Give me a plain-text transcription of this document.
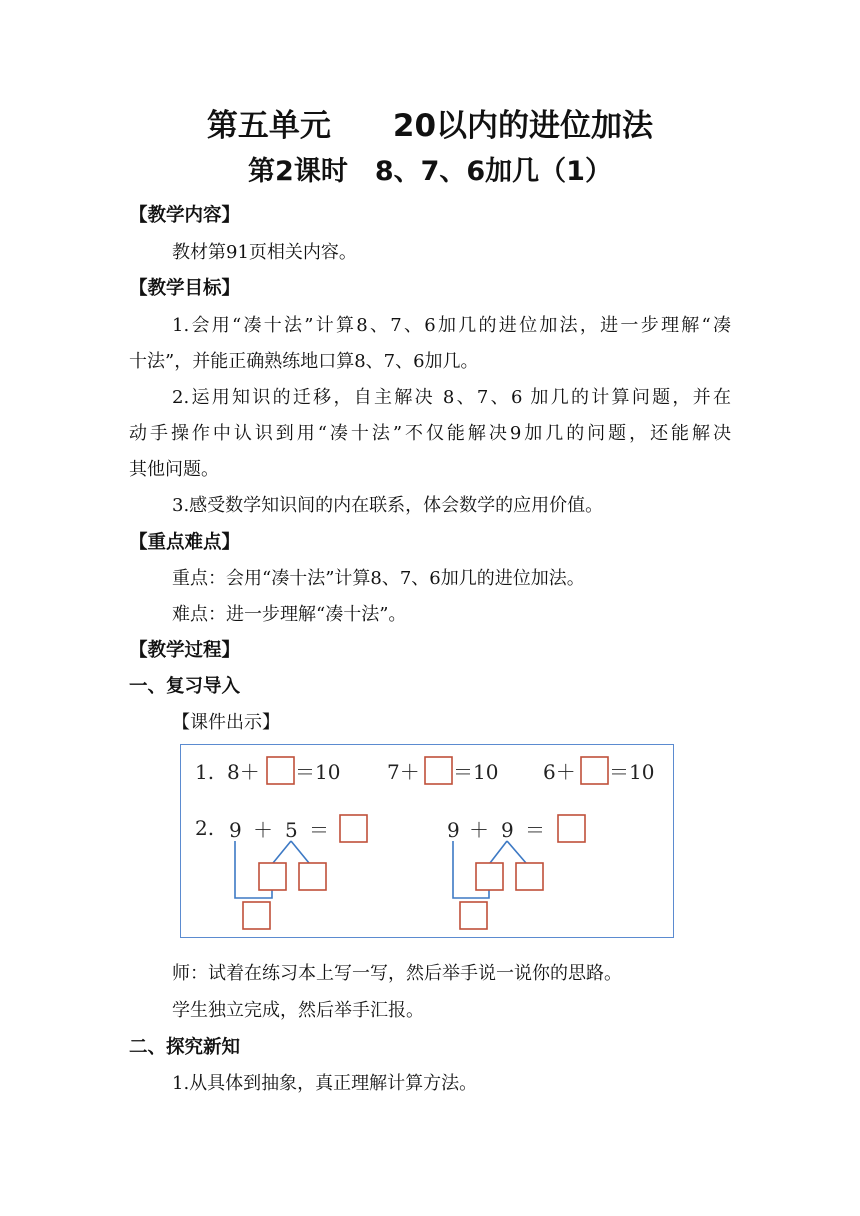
第五单元　　20以内的进位加法
第2课时　8、7、6加几（1）
【教学内容】
教材第91页相关内容。
【教学目标】
1.会用“凑十法”计算8、7、6加几的进位加法，进一步理解“凑
十法”，并能正确熟练地口算8、7、6加几。
2.运用知识的迁移，自主解决 8、7、6 加几的计算问题，并在
动手操作中认识到用“凑十法”不仅能解决9加几的问题，还能解决
其他问题。
3.感受数学知识间的内在联系，体会数学的应用价值。
【重点难点】
重点：会用“凑十法”计算8、7、6加几的进位加法。
难点：进一步理解“凑十法”。
【教学过程】
一、复习导入
【课件出示】
1. 8＋ ＝10 7＋ ＝10 6＋ ＝10
2. 9 ＋ 5 ＝	9 ＋ 9 ＝
师：试着在练习本上写一写，然后举手说一说你的思路。
学生独立完成，然后举手汇报。
二、探究新知
1.从具体到抽象，真正理解计算方法。
